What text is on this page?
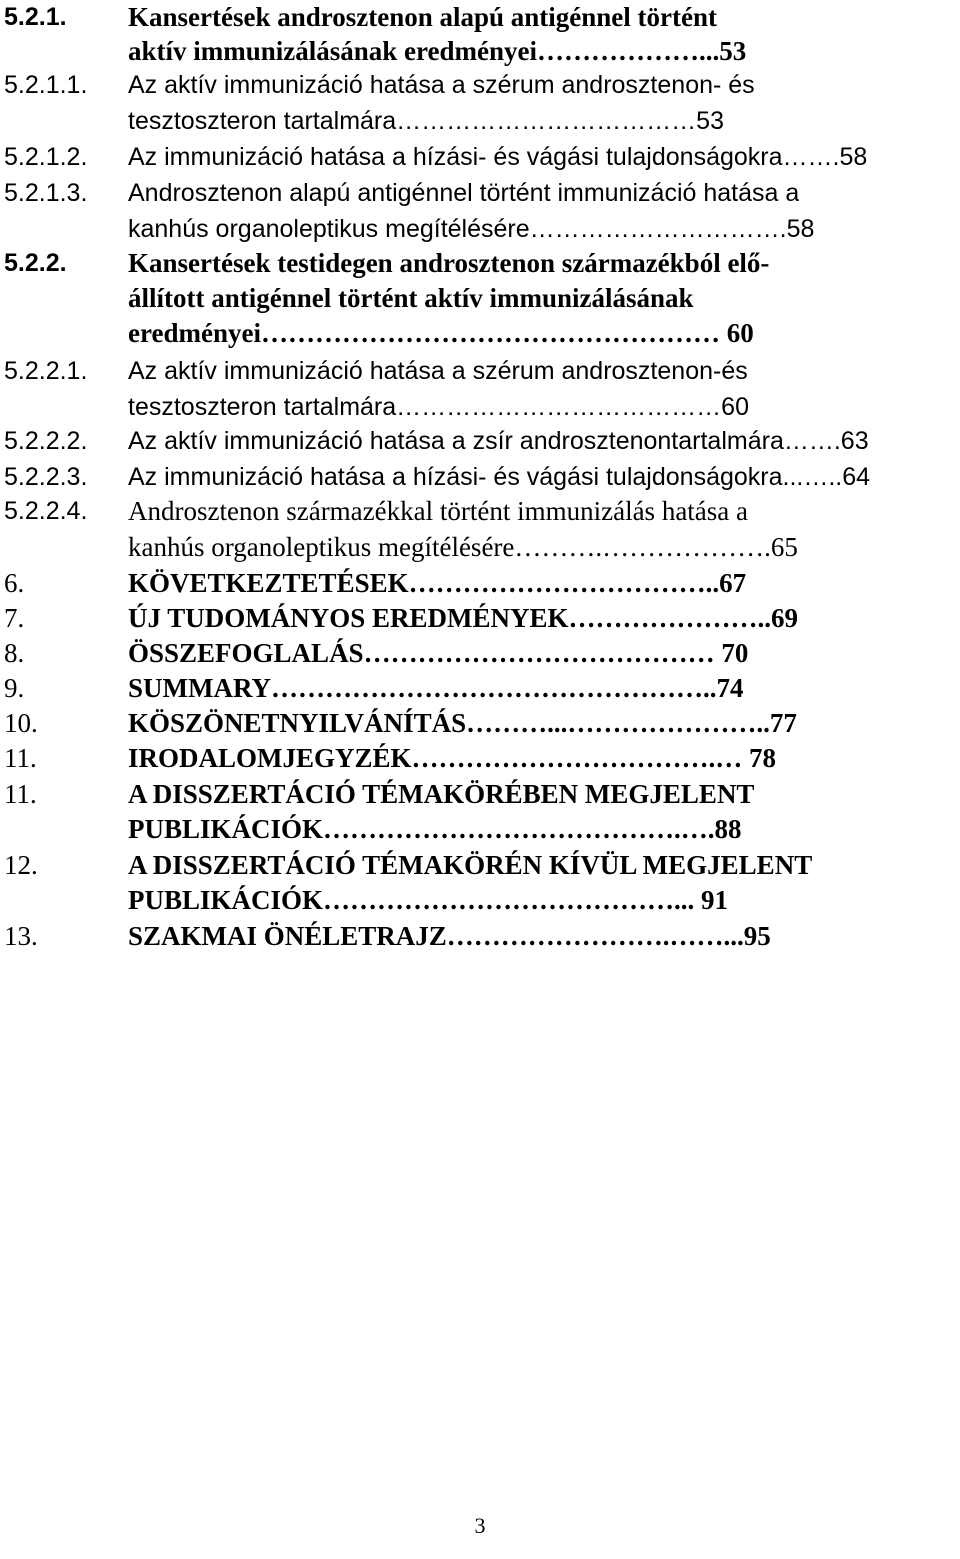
5.2.1. Kansertések androsztenon alapú antigénnel történt
aktív immunizálásának eredményei………………...53
5.2.1.1. Az aktív immunizáció hatása a szérum androsztenon- és
tesztoszteron tartalmára………………………………53
5.2.1.2. Az immunizáció hatása a hízási- és vágási tulajdonságokra…….58
5.2.1.3. Androsztenon alapú antigénnel történt immunizáció hatása a
kanhús organoleptikus megítélésére………………………….58
5.2.2. Kansertések testidegen androsztenon származékból elő-
állított antigénnel történt aktív immunizálásának
eredményei…………………………………………… 60
5.2.2.1. Az aktív immunizáció hatása a szérum androsztenon-és
tesztoszteron tartalmára…………………………………60
5.2.2.2. Az aktív immunizáció hatása a zsír androsztenontartalmára…….63
5.2.2.3. Az immunizáció hatása a hízási- és vágási tulajdonságokra...…..64
5.2.2.4. Androsztenon származékkal történt immunizálás hatása a
kanhús organoleptikus megítélésére……….……………….65
6.	KÖVETKEZTETÉSEK……………………………..67
7.	ÚJ TUDOMÁNYOS EREDMÉNYEK…………………..69
8.	ÖSSZEFOGLALÁS………………………………… 70
9.	SUMMARY…………………………………………..74
10.	KÖSZÖNETNYILVÁNÍTÁS………...…………………..77
11.	IRODALOMJEGYZÉK…………………………….… 78
11.	A DISSZERTÁCIÓ TÉMAKÖRÉBEN MEGJELENT
PUBLIKÁCIÓK………………………………….….88
12.	A DISSZERTÁCIÓ TÉMAKÖRÉN KÍVÜL MEGJELENT
PUBLIKÁCIÓK…………………………………... 91
13.	SZAKMAI ÖNÉLETRAJZ…………………….……...95
3
